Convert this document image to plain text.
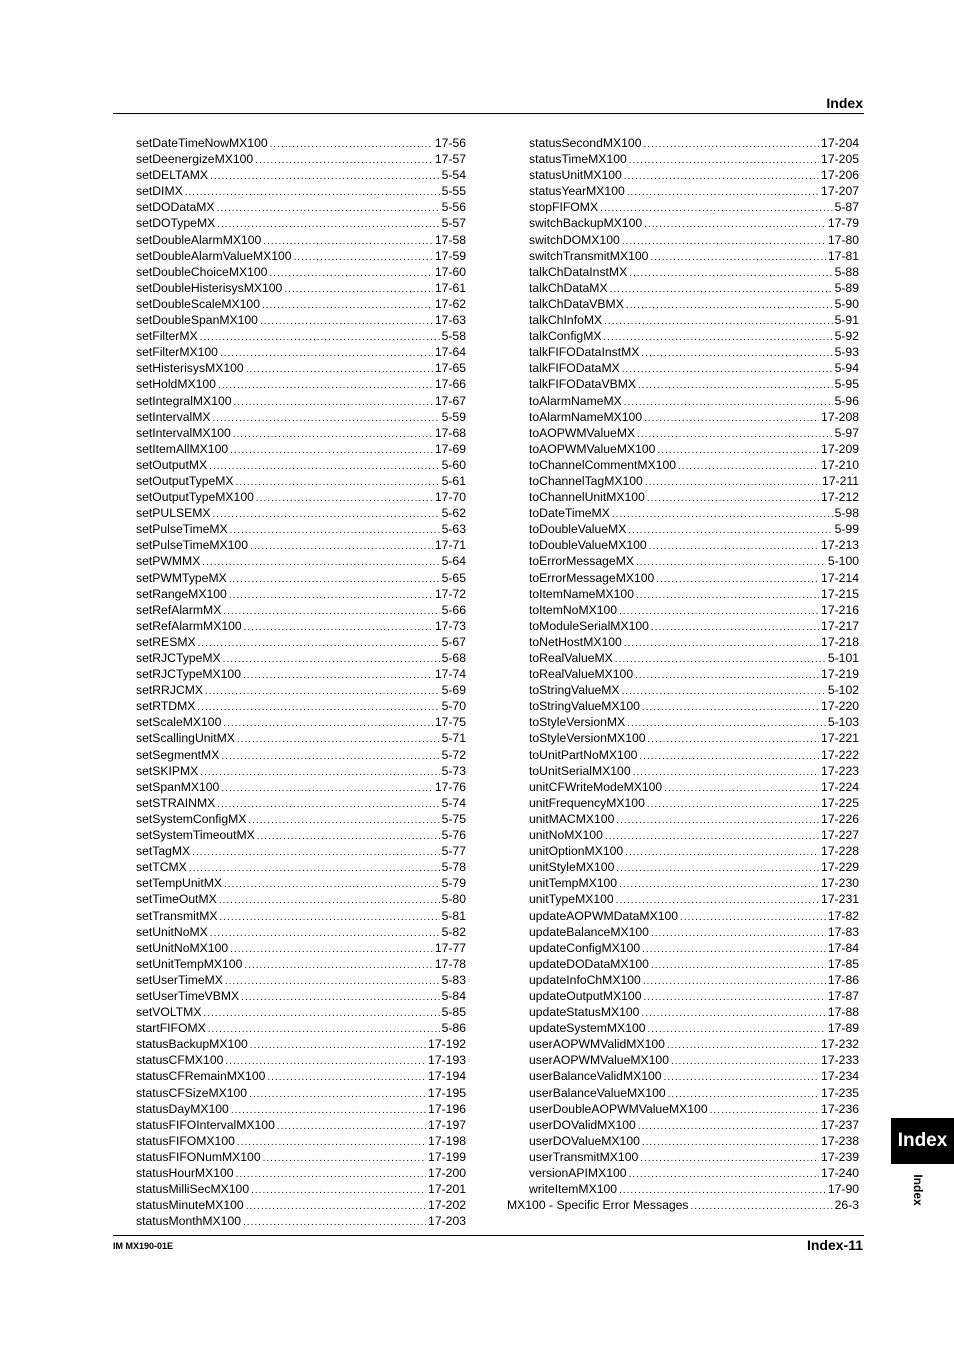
Index
setDateTimeNowMX100 .....	17-56
setDeenergizeMX100 .....	17-57
setDELTAMX .....	5-54
setDIMX .....	5-55
setDODataMX .....	5-56
setDOTypeMX .....	5-57
setDoubleAlarmMX100 .....	17-58
setDoubleAlarmValueMX100 .....	17-59
setDoubleChoiceMX100 .....	17-60
setDoubleHisterisysMX100 .....	17-61
setDoubleScaleMX100 .....	17-62
setDoubleSpanMX100 .....	17-63
setFilterMX .....	5-58
setFilterMX100 .....	17-64
setHisterisysMX100 .....	17-65
setHoldMX100 .....	17-66
setIntegralMX100 .....	17-67
setIntervalMX .....	5-59
setIntervalMX100 .....	17-68
setItemAllMX100 .....	17-69
setOutputMX .....	5-60
setOutputTypeMX .....	5-61
setOutputTypeMX100 .....	17-70
setPULSEMX .....	5-62
setPulseTimeMX .....	5-63
setPulseTimeMX100 .....	17-71
setPWMMX .....	5-64
setPWMTypeMX .....	5-65
setRangeMX100 .....	17-72
setRefAlarmMX .....	5-66
setRefAlarmMX100 .....	17-73
setRESMX .....	5-67
setRJCTypeMX .....	5-68
setRJCTypeMX100 .....	17-74
setRRJCMX .....	5-69
setRTDMX .....	5-70
setScaleMX100 .....	17-75
setScallingUnitMX .....	5-71
setSegmentMX .....	5-72
setSKIPMX .....	5-73
setSpanMX100 .....	17-76
setSTRAINMX .....	5-74
setSystemConfigMX .....	5-75
setSystemTimeoutMX .....	5-76
setTagMX .....	5-77
setTCMX .....	5-78
setTempUnitMX .....	5-79
setTimeOutMX .....	5-80
setTransmitMX .....	5-81
setUnitNoMX .....	5-82
setUnitNoMX100 .....	17-77
setUnitTempMX100 .....	17-78
setUserTimeMX .....	5-83
setUserTimeVBMX .....	5-84
setVOLTMX .....	5-85
startFIFOMX .....	5-86
statusBackupMX100 .....	17-192
statusCFMX100 .....	17-193
statusCFRemainMX100 .....	17-194
statusCFSizeMX100 .....	17-195
statusDayMX100 .....	17-196
statusFIFOIntervalMX100 .....	17-197
statusFIFOMX100 .....	17-198
statusFIFONumMX100 .....	17-199
statusHourMX100 .....	17-200
statusMilliSecMX100 .....	17-201
statusMinuteMX100 .....	17-202
statusMonthMX100 .....	17-203
statusSecondMX100 .....	17-204
statusTimeMX100 .....	17-205
statusUnitMX100 .....	17-206
statusYearMX100 .....	17-207
stopFIFOMX .....	5-87
switchBackupMX100 .....	17-79
switchDOMX100 .....	17-80
switchTransmitMX100 .....	17-81
talkChDataInstMX .....	5-88
talkChDataMX .....	5-89
talkChDataVBMX .....	5-90
talkChInfoMX .....	5-91
talkConfigMX .....	5-92
talkFIFODataInstMX .....	5-93
talkFIFODataMX .....	5-94
talkFIFODataVBMX .....	5-95
toAlarmNameMX .....	5-96
toAlarmNameMX100 .....	17-208
toAOPWMValueMX .....	5-97
toAOPWMValueMX100 .....	17-209
toChannelCommentMX100 .....	17-210
toChannelTagMX100 .....	17-211
toChannelUnitMX100 .....	17-212
toDateTimeMX .....	5-98
toDoubleValueMX .....	5-99
toDoubleValueMX100 .....	17-213
toErrorMessageMX .....	5-100
toErrorMessageMX100 .....	17-214
toItemNameMX100 .....	17-215
toItemNoMX100 .....	17-216
toModuleSerialMX100 .....	17-217
toNetHostMX100 .....	17-218
toRealValueMX .....	5-101
toRealValueMX100 .....	17-219
toStringValueMX .....	5-102
toStringValueMX100 .....	17-220
toStyleVersionMX .....	5-103
toStyleVersionMX100 .....	17-221
toUnitPartNoMX100 .....	17-222
toUnitSerialMX100 .....	17-223
unitCFWriteModeMX100 .....	17-224
unitFrequencyMX100 .....	17-225
unitMACMX100 .....	17-226
unitNoMX100 .....	17-227
unitOptionMX100 .....	17-228
unitStyleMX100 .....	17-229
unitTempMX100 .....	17-230
unitTypeMX100 .....	17-231
updateAOPWMDataMX100 .....	17-82
updateBalanceMX100 .....	17-83
updateConfigMX100 .....	17-84
updateDODataMX100 .....	17-85
updateInfoChMX100 .....	17-86
updateOutputMX100 .....	17-87
updateStatusMX100 .....	17-88
updateSystemMX100 .....	17-89
userAOPWMValidMX100 .....	17-232
userAOPWMValueMX100 .....	17-233
userBalanceValidMX100 .....	17-234
userBalanceValueMX100 .....	17-235
userDoubleAOPWMValueMX100 .....	17-236
userDOValidMX100 .....	17-237
userDOValueMX100 .....	17-238
userTransmitMX100 .....	17-239
versionAPIMX100 .....	17-240
writeItemMX100 .....	17-90
MX100 - Specific Error Messages .....	26-3
Index
Index
IM MX190-01E	Index-11
